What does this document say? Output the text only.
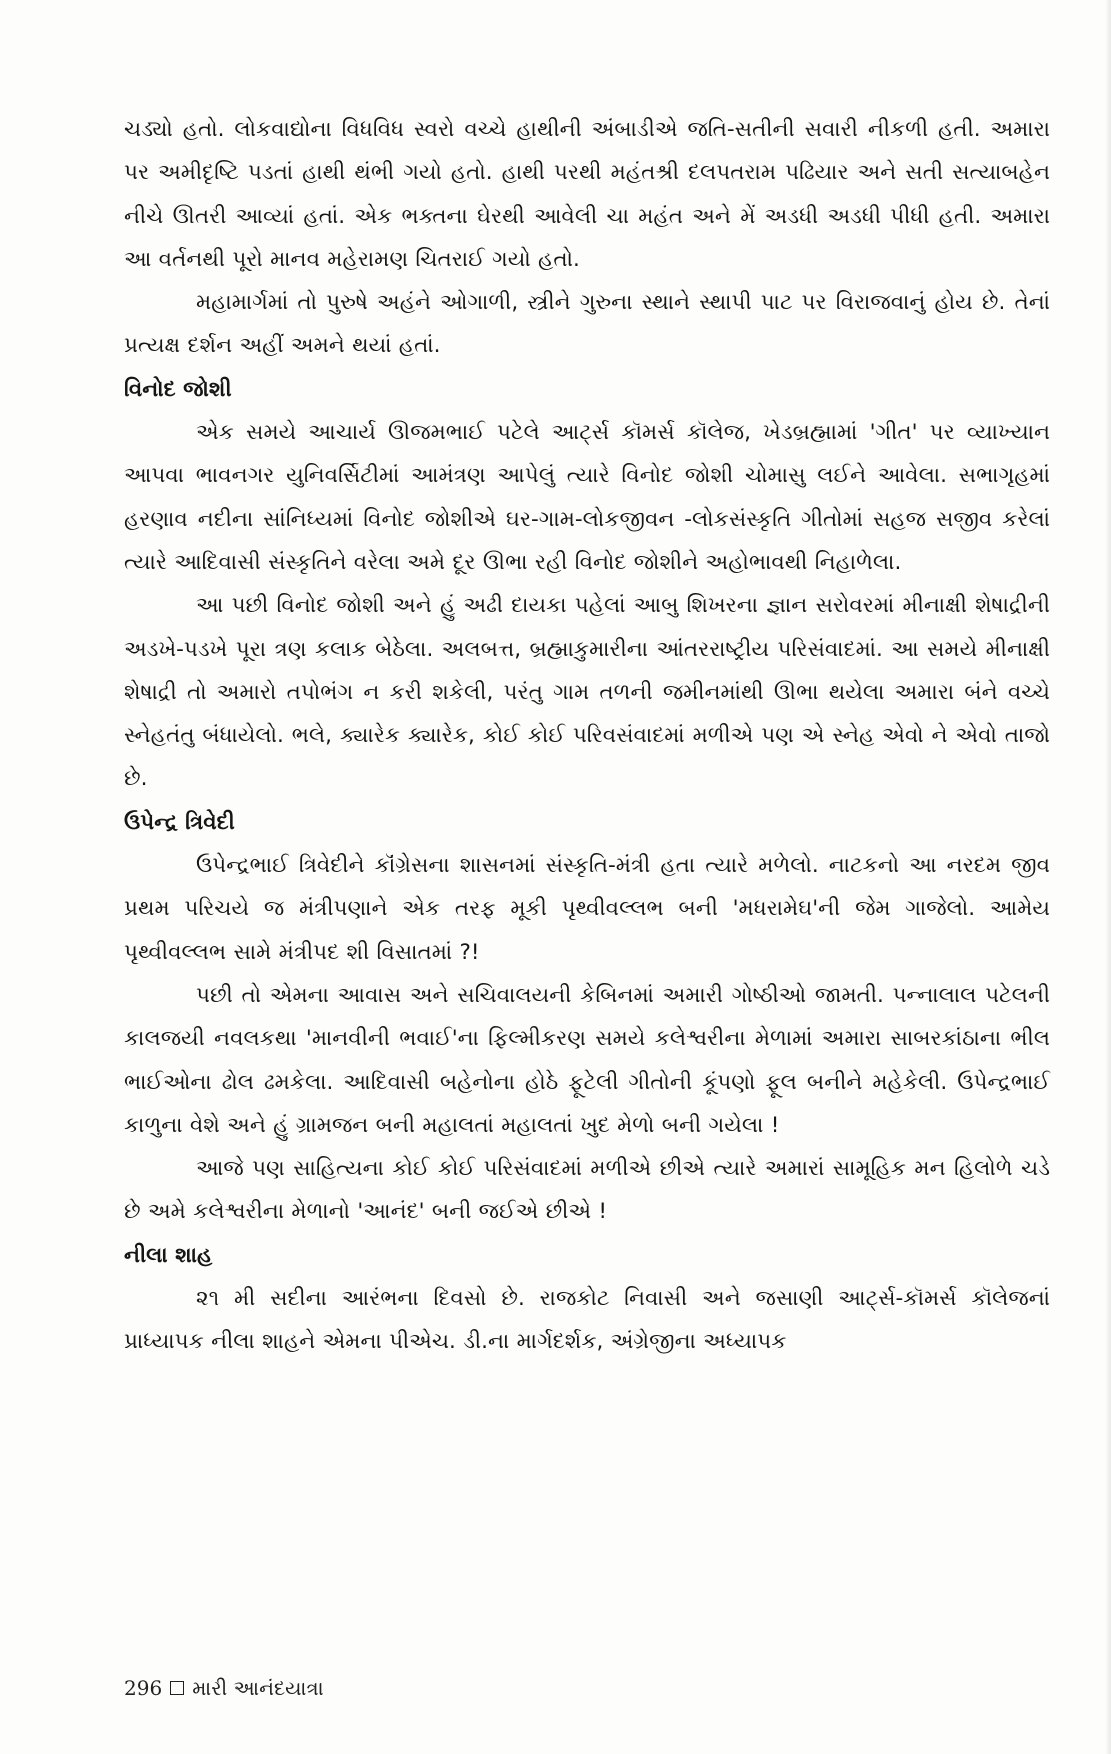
ચડ્યો હતો. લોકવાદ્યોના વિધવિધ સ્વરો વચ્ચે હાથીની અંબાડીએ જતિ-સતીની સવારી નીકળી હતી. અમારા પર અમીદૃષ્ટિ પડતાં હાથી થંભી ગયો હતો. હાથી પરથી મહંતશ્રી દલપતરામ પઢિયાર અને સતી સત્યાબહેન નીચે ઊતરી આવ્યાં હતાં. એક ભક્તના ઘેરથી આવેલી ચા મહંત અને મેં અડધી અડધી પીધી હતી. અમારા આ વર્તનથી પૂરો માનવ મહેરામણ ચિતરાઈ ગયો હતો.

મહામાર્ગમાં તો પુરુષે અહંને ઓગાળી, સ્ત્રીને ગુરુના સ્થાને સ્થાપી પાટ પર વિરાજવાનું હોય છે. તેનાં પ્રત્યક્ષ દર્શન અહીં અમને થયાં હતાં.

વિનોદ જોશી

એક સમયે આચાર્ય ઊજમભાઈ પટેલે આર્ટ્સ કૉમર્સ કૉલેજ, ખેડબ્રહ્મામાં 'ગીત' પર વ્યાખ્યાન આપવા ભાવનગર યુનિવર્સિટીમાં આમંત્રણ આપેલું ત્યારે વિનોદ જોશી ચોમાસુ લઈને આવેલા. સભાગૃહમાં હરણાવ નદીના સાંનિધ્યમાં વિનોદ જોશીએ ઘર-ગામ-લોકજીવન -લોકસંસ્કૃતિ ગીતોમાં સહજ સજીવ કરેલાં ત્યારે આદિવાસી સંસ્કૃતિને વરેલા અમે દૂર ઊભા રહી વિનોદ જોશીને અહોભાવથી નિહાળેલા.

આ પછી વિનોદ જોશી અને હું અઢી દાયકા પહેલાં આબુ શિખરના જ્ઞાન સરોવરમાં મીનાક્ષી શેષાદ્રીની અડખે-પડખે પૂરા ત્રણ કલાક બેઠેલા. અલબત્ત, બ્રહ્માકુમારીના આંતરરાષ્ટ્રીય પરિસંવાદમાં. આ સમયે મીનાક્ષી શેષાદ્રી તો અમારો તપોભંગ ન કરી શકેલી, પરંતુ ગામ તળની જમીનમાંથી ઊભા થયેલા અમારા બંને વચ્ચે સ્નેહતંતુ બંધાયેલો. ભલે, ક્યારેક ક્યારેક, કોઈ કોઈ પરિવસંવાદમાં મળીએ પણ એ સ્નેહ એવો ને એવો તાજો છે.

ઉપેન્દ્ર ત્રિવેદી

ઉપેન્દ્રભાઈ ત્રિવેદીને કૉંગ્રેસના શાસનમાં સંસ્કૃતિ-મંત્રી હતા ત્યારે મળેલો. નાટકનો આ નરદમ જીવ પ્રથમ પરિચયે જ મંત્રીપણાને એક તરફ મૂકી પૃથ્વીવલ્લભ બની 'મધરામેઘ'ની જેમ ગાજેલો. આમેય પૃથ્વીવલ્લભ સામે મંત્રીપદ શી વિસાતમાં ?!

પછી તો એમના આવાસ અને સચિવાલયની કેબિનમાં અમારી ગોષ્ઠીઓ જામતી. પન્નાલાલ પટેલની કાલજયી નવલકથા 'માનવીની ભવાઈ'ના ફિલ્મીકરણ સમયે કલેશ્વરીના મેળામાં અમારા સાબરકાંઠાના ભીલ ભાઈઓના ઢોલ ઢમકેલા. આદિવાસી બહેનોના હોઠે ફૂટેલી ગીતોની કૂંપણો ફૂલ બનીને મહેકેલી. ઉપેન્દ્રભાઈ કાળુના વેશે અને હું ગ્રામજન બની મહાલતાં મહાલતાં ખુદ મેળો બની ગયેલા !

આજે પણ સાહિત્યના કોઈ કોઈ પરિસંવાદમાં મળીએ છીએ ત્યારે અમારાં સામૂહિક મન હિલોળે ચડે છે અમે કલેશ્વરીના મેળાનો 'આનંદ' બની જઈએ છીએ !

નીલા શાહ

૨૧ મી સદીના આરંભના દિવસો છે. રાજકોટ નિવાસી અને જસાણી આર્ટ્સ-કૉમર્સ કૉલેજનાં પ્રાધ્યાપક નીલા શાહને એમના પીએચ. ડી.ના માર્ગદર્શક, અંગ્રેજીના અધ્યાપક

296 મારી આનંદયાત્રા
